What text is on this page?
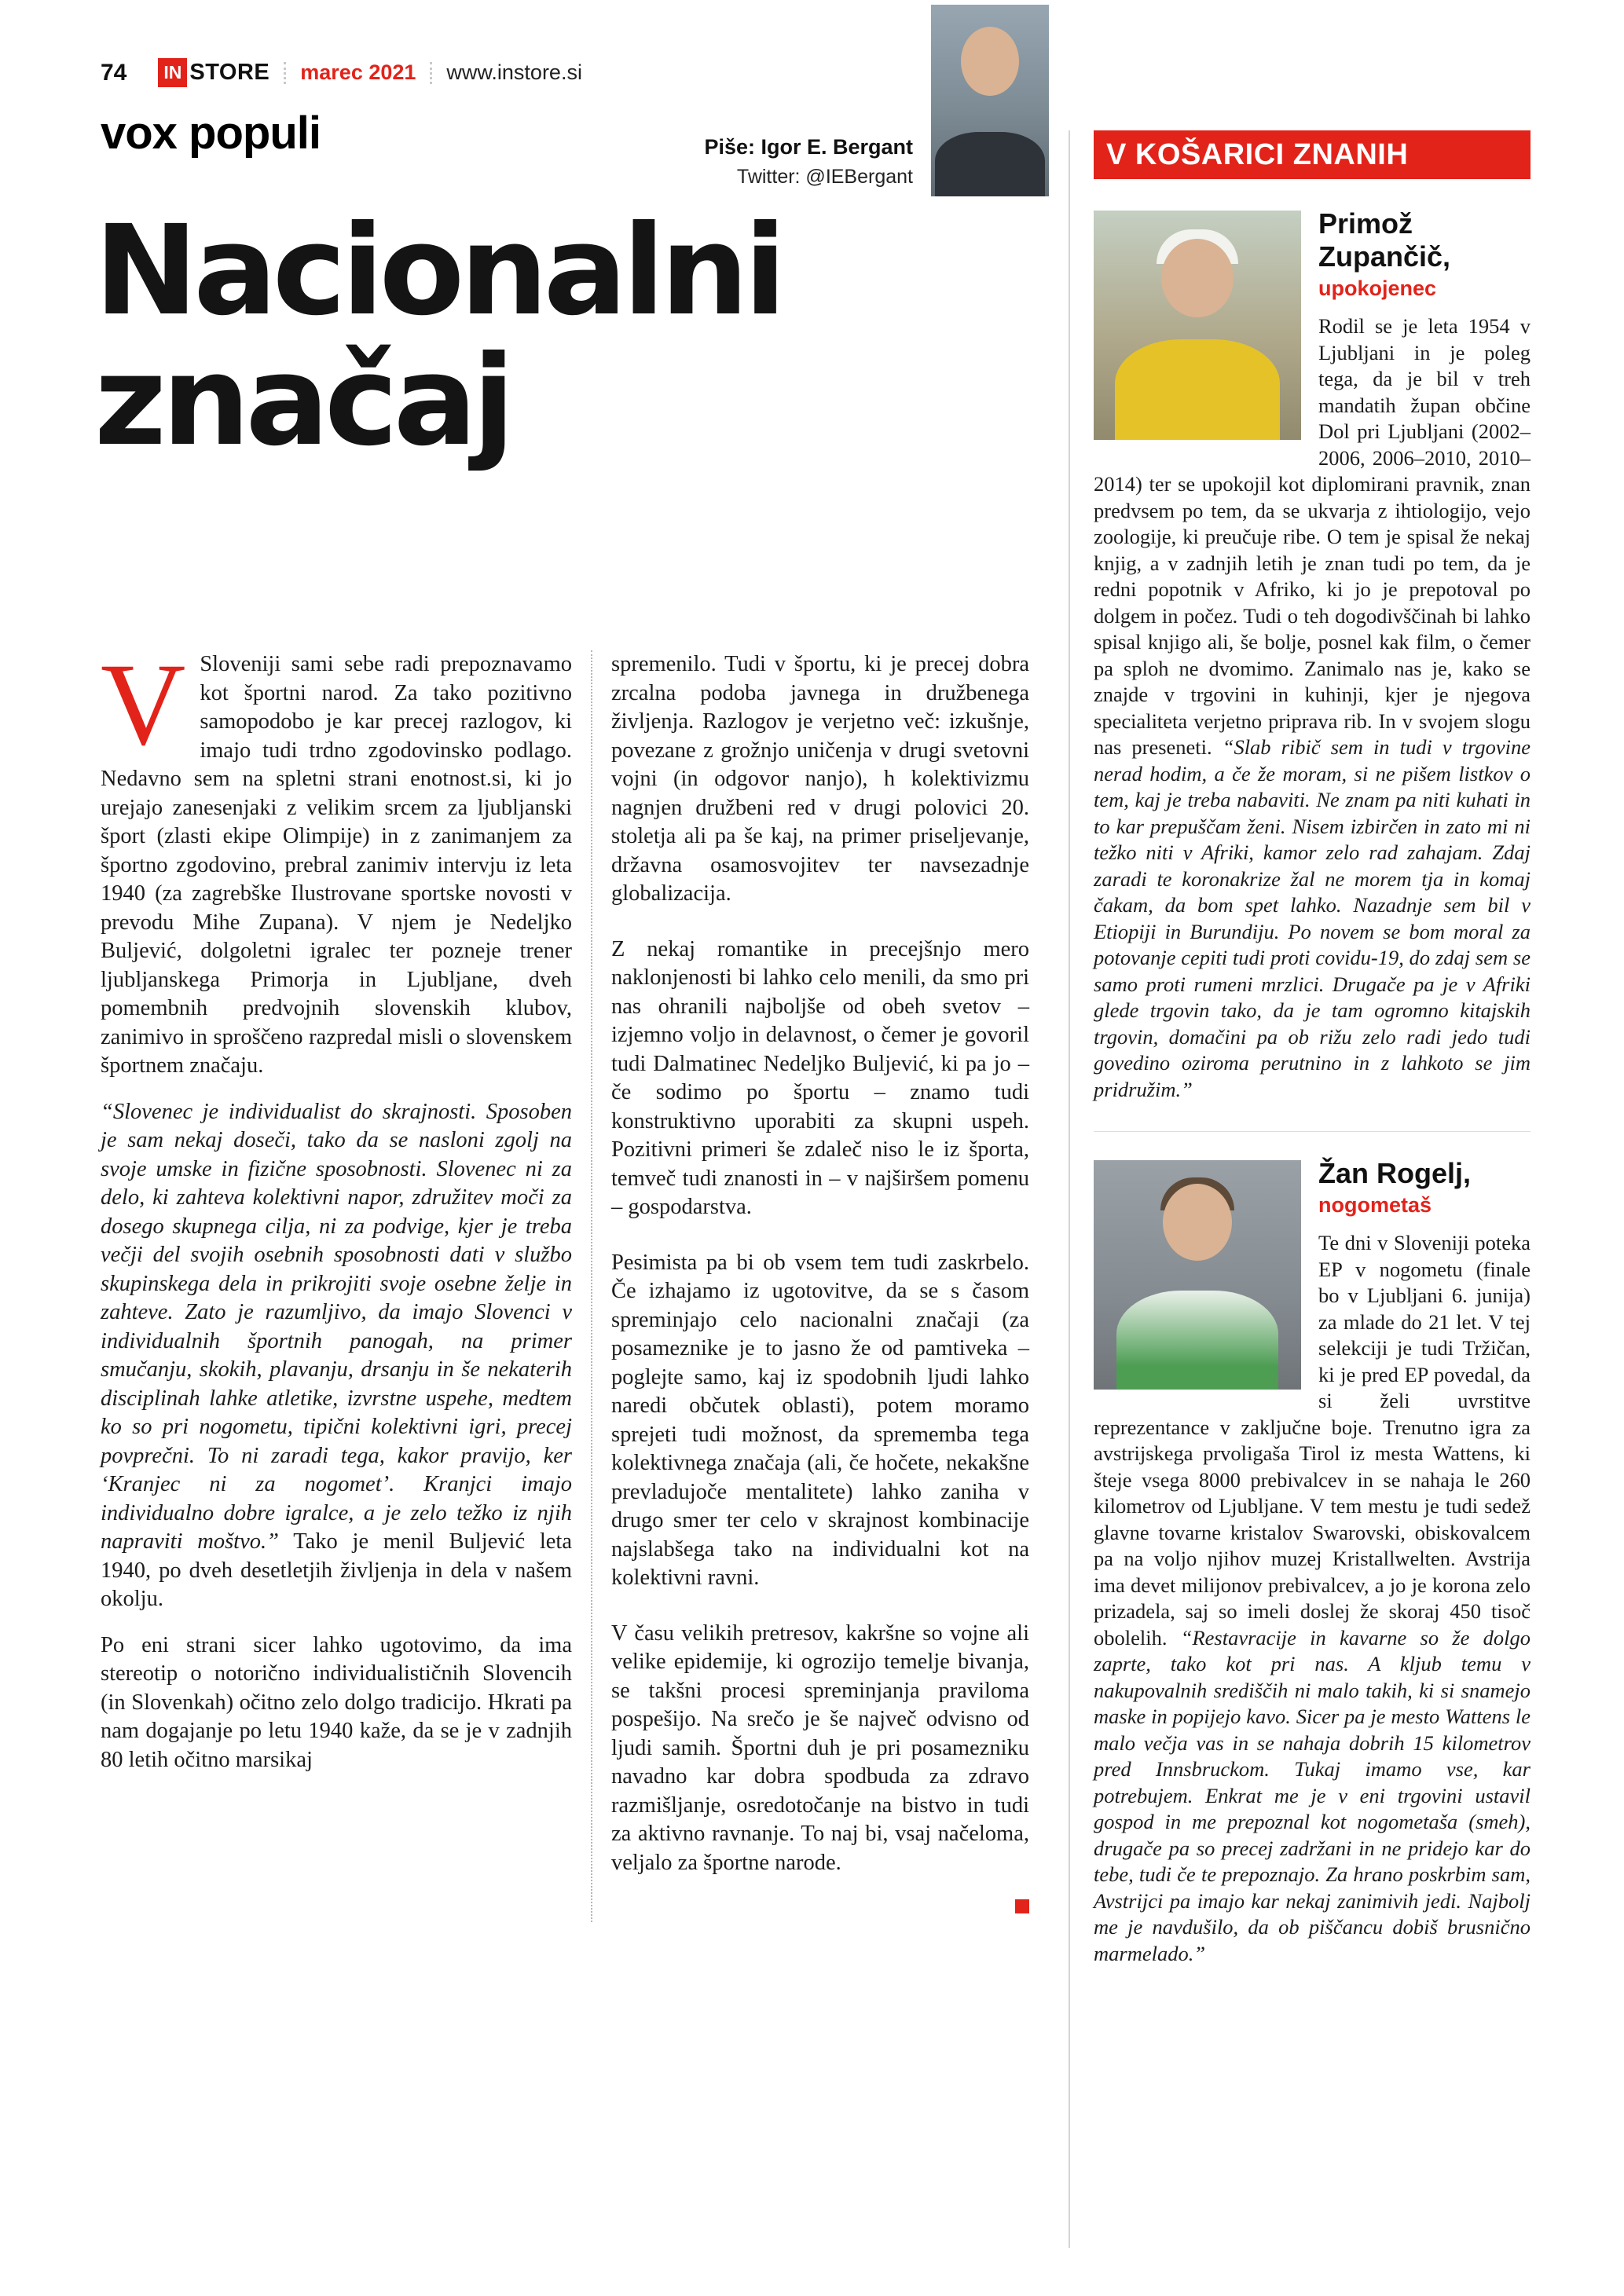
74	IN STORE marec 2021 www.instore.si
vox populi	Piše: Igor E. Bergant
Twitter: @IEBergant
Nacionalni
značaj

V Sloveniji sami sebe radi prepoznavamo kot športni narod. Za tako pozitivno samopodobo je kar precej razlogov, ki imajo tudi trdno zgodovinsko podlago. Nedavno sem na spletni strani enotnost.si, ki jo urejajo zanesenjaki z velikim srcem za ljubljanski šport (zlasti ekipe Olimpije) in z zanimanjem za športno zgodovino, prebral zanimiv intervju iz leta 1940 (za zagrebške Ilustrovane sportske novosti v prevodu Mihe Zupana). V njem je Nedeljko Buljević, dolgoletni igralec ter pozneje trener ljubljanskega Primorja in Ljubljane, dveh pomembnih predvojnih slovenskih klubov, zanimivo in sproščeno razpredal misli o slovenskem športnem značaju.

“Slovenec je individualist do skrajnosti. Sposoben je sam nekaj doseči, tako da se nasloni zgolj na svoje umske in fizične sposobnosti. Slovenec ni za delo, ki zahteva kolektivni napor, združitev moči za dosego skupnega cilja, ni za podvige, kjer je treba večji del svojih osebnih sposobnosti dati v službo skupinskega dela in prikrojiti svoje osebne želje in zahteve. Zato je razumljivo, da imajo Slovenci v individualnih športnih panogah, na primer smučanju, skokih, plavanju, drsanju in še nekaterih disciplinah lahke atletike, izvrstne uspehe, medtem ko so pri nogometu, tipični kolektivni igri, precej povprečni. To ni zaradi tega, kakor pravijo, ker ‘Kranjec ni za nogomet’. Kranjci imajo individualno dobre igralce, a je zelo težko iz njih napraviti moštvo.” Tako je menil Buljević leta 1940, po dveh desetletjih življenja in dela v našem okolju.

Po eni strani sicer lahko ugotovimo, da ima stereotip o notorično individualističnih Slovencih (in Slovenkah) očitno zelo dolgo tradicijo. Hkrati pa nam dogajanje po letu 1940 kaže, da se je v zadnjih 80 letih očitno marsikaj

spremenilo. Tudi v športu, ki je precej dobra zrcalna podoba javnega in družbenega življenja. Razlogov je verjetno več: izkušnje, povezane z grožnjo uničenja v drugi svetovni vojni (in odgovor nanjo), h kolektivizmu nagnjen družbeni red v drugi polovici 20. stoletja ali pa še kaj, na primer priseljevanje, državna osamosvojitev ter navsezadnje globalizacija.

Z nekaj romantike in precejšnjo mero naklonjenosti bi lahko celo menili, da smo pri nas ohranili najboljše od obeh svetov – izjemno voljo in delavnost, o čemer je govoril tudi Dalmatinec Nedeljko Buljević, ki pa jo – če sodimo po športu – znamo tudi konstruktivno uporabiti za skupni uspeh. Pozitivni primeri še zdaleč niso le iz športa, temveč tudi znanosti in – v najširšem pomenu – gospodarstva.

Pesimista pa bi ob vsem tem tudi zaskrbelo. Če izhajamo iz ugotovitve, da se s časom spreminjajo celo nacionalni značaji (za posameznike je to jasno že od pamtiveka – poglejte samo, kaj iz spodobnih ljudi lahko naredi občutek oblasti), potem moramo sprejeti tudi možnost, da sprememba tega kolektivnega značaja (ali, če hočete, nekakšne prevladujoče mentalitete) lahko zaniha v drugo smer ter celo v skrajnost kombinacije najslabšega tako na individualni kot na kolektivni ravni.

V času velikih pretresov, kakršne so vojne ali velike epidemije, ki ogrozijo temelje bivanja, se takšni procesi spreminjanja praviloma pospešijo. Na srečo je še največ odvisno od ljudi samih. Športni duh je pri posamezniku navadno kar dobra spodbuda za zdravo razmišljanje, osredotočanje na bistvo in tudi za aktivno ravnanje. To naj bi, vsaj načeloma, veljalo za športne narode.

V KOŠARICI ZNANIH
Primož Zupančič,
upokojenec

Rodil se je leta 1954 v Ljubljani in je poleg tega, da je bil v treh mandatih župan občine Dol pri Ljubljani (2002–2006, 2006–2010, 2010–2014) ter se upokojil kot diplomirani pravnik, znan predvsem po tem, da se ukvarja z ihtiologijo, vejo zoologije, ki preučuje ribe. O tem je spisal že nekaj knjig, a v zadnjih letih je znan tudi po tem, da je redni popotnik v Afriko, ki jo je prepotoval po dolgem in počez. Tudi o teh dogodivščinah bi lahko spisal knjigo ali, še bolje, posnel kak film, o čemer pa sploh ne dvomimo. Zanimalo nas je, kako se znajde v trgovini in kuhinji, kjer je njegova specialiteta verjetno priprava rib. In v svojem slogu nas preseneti. “Slab ribič sem in tudi v trgovine nerad hodim, a če že moram, si ne pišem listkov o tem, kaj je treba nabaviti. Ne znam pa niti kuhati in to kar prepuščam ženi. Nisem izbirčen in zato mi ni težko niti v Afriki, kamor zelo rad zahajam. Zdaj zaradi te koronakrize žal ne morem tja in komaj čakam, da bom spet lahko. Nazadnje sem bil v Etiopiji in Burundiju. Po novem se bom moral za potovanje cepiti tudi proti covidu-19, do zdaj sem se samo proti rumeni mrzlici. Drugače pa je v Afriki glede trgovin tako, da je tam ogromno kitajskih trgovin, domačini pa ob rižu zelo radi jedo tudi govedino oziroma perutnino in z lahkoto se jim pridružim.”

Žan Rogelj,
nogometaš

Te dni v Sloveniji poteka EP v nogometu (finale bo v Ljubljani 6. junija) za mlade do 21 let. V tej selekciji je tudi Tržičan, ki je pred EP povedal, da si želi uvrstitve reprezentance v zaključne boje. Trenutno igra za avstrijskega prvoligaša Tirol iz mesta Wattens, ki šteje vsega 8000 prebivalcev in se nahaja le 260 kilometrov od Ljubljane. V tem mestu je tudi sedež glavne tovarne kristalov Swarovski, obiskovalcem pa na voljo njihov muzej Kristallwelten. Avstrija ima devet milijonov prebivalcev, a jo je korona zelo prizadela, saj so imeli doslej že skoraj 450 tisoč obolelih. “Restavracije in kavarne so že dolgo zaprte, tako kot pri nas. A kljub temu v nakupovalnih središčih ni malo takih, ki si snamejo maske in popijejo kavo. Sicer pa je mesto Wattens le malo večja vas in se nahaja dobrih 15 kilometrov pred Innsbruckom. Tukaj imamo vse, kar potrebujem. Enkrat me je v eni trgovini ustavil gospod in me prepoznal kot nogometaša (smeh), drugače pa so precej zadržani in ne pridejo kar do tebe, tudi če te prepoznajo. Za hrano poskrbim sam, Avstrijci pa imajo kar nekaj zanimivih jedi. Najbolj me je navdušilo, da ob piščancu dobiš brusnično marmelado.”
